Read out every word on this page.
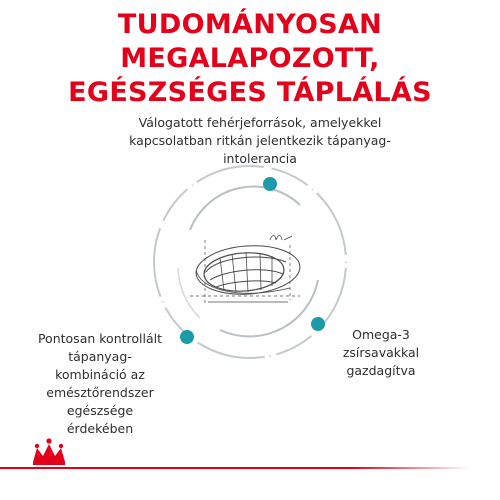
TUDOMÁNYOSAN MEGALAPOZOTT,
EGÉSZSÉGES TÁPLÁLÁS
Válogatott fehérjeforrások, amelyekkel
kapcsolatban ritkán jelentkezik tápanyag-
intolerancia
Omega-3
zsírsavakkal
gazdagítva
Pontosan kontrollált
tápanyag-
kombináció az
emésztőrendszer
egészsége
érdekében
